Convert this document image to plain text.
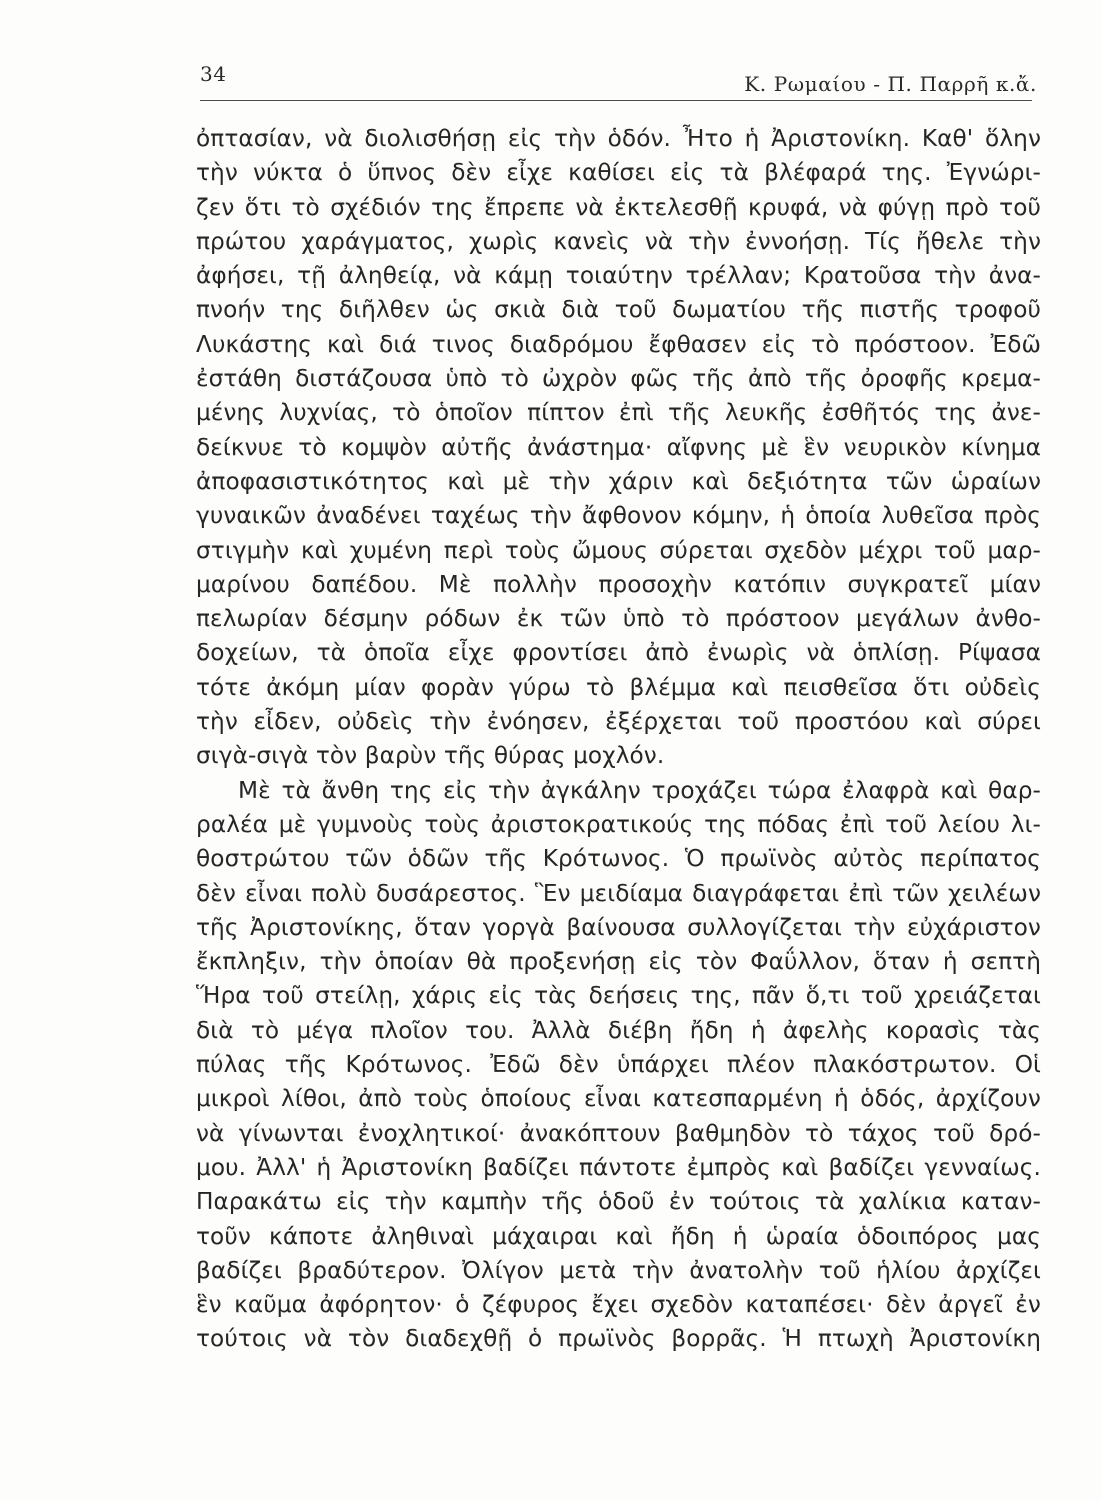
34	Κ. Ρωμαίου - Π. Παρρῆ κ.ἄ.
ὀπτασίαν, νὰ διολισθήσῃ εἰς τὴν ὁδόν. Ἦτο ἡ Ἀριστονίκη. Καθ' ὅλην
τὴν νύκτα ὁ ὕπνος δὲν εἶχε καθίσει εἰς τὰ βλέφαρά της. Ἐγνώρι-
ζεν ὅτι τὸ σχέδιόν της ἔπρεπε νὰ ἐκτελεσθῇ κρυφά, νὰ φύγῃ πρὸ τοῦ
πρώτου χαράγματος, χωρὶς κανεὶς νὰ τὴν ἐννοήσῃ. Τίς ἤθελε τὴν
ἀφήσει, τῇ ἀληθείᾳ, νὰ κάμῃ τοιαύτην τρέλλαν; Κρατοῦσα τὴν ἀνα-
πνοήν της διῆλθεν ὡς σκιὰ διὰ τοῦ δωματίου τῆς πιστῆς τροφοῦ
Λυκάστης καὶ διά τινος διαδρόμου ἔφθασεν εἰς τὸ πρόστοον. Ἐδῶ
ἐστάθη διστάζουσα ὑπὸ τὸ ὠχρὸν φῶς τῆς ἀπὸ τῆς ὀροφῆς κρεμα-
μένης λυχνίας, τὸ ὁποῖον πίπτον ἐπὶ τῆς λευκῆς ἐσθῆτός της ἀνε-
δείκνυε τὸ κομψὸν αὐτῆς ἀνάστημα· αἴφνης μὲ ἓν νευρικὸν κίνημα
ἀποφασιστικότητος καὶ μὲ τὴν χάριν καὶ δεξιότητα τῶν ὡραίων
γυναικῶν ἀναδένει ταχέως τὴν ἄφθονον κόμην, ἡ ὁποία λυθεῖσα πρὸς
στιγμὴν καὶ χυμένη περὶ τοὺς ὤμους σύρεται σχεδὸν μέχρι τοῦ μαρ-
μαρίνου δαπέδου. Μὲ πολλὴν προσοχὴν κατόπιν συγκρατεῖ μίαν
πελωρίαν δέσμην ρόδων ἐκ τῶν ὑπὸ τὸ πρόστοον μεγάλων ἀνθο-
δοχείων, τὰ ὁποῖα εἶχε φροντίσει ἀπὸ ἐνωρὶς νὰ ὁπλίσῃ. Ρίψασα
τότε ἀκόμη μίαν φορὰν γύρω τὸ βλέμμα καὶ πεισθεῖσα ὅτι οὐδεὶς
τὴν εἶδεν, οὐδεὶς τὴν ἐνόησεν, ἐξέρχεται τοῦ προστόου καὶ σύρει
σιγὰ-σιγὰ τὸν βαρὺν τῆς θύρας μοχλόν.
Μὲ τὰ ἄνθη της εἰς τὴν ἀγκάλην τροχάζει τώρα ἐλαφρὰ καὶ θαρ-
ραλέα μὲ γυμνοὺς τοὺς ἀριστοκρατικούς της πόδας ἐπὶ τοῦ λείου λι-
θοστρώτου τῶν ὁδῶν τῆς Κρότωνος. Ὁ πρωϊνὸς αὐτὸς περίπατος
δὲν εἶναι πολὺ δυσάρεστος. Ἓν μειδίαμα διαγράφεται ἐπὶ τῶν χειλέων
τῆς Ἀριστονίκης, ὅταν γοργὰ βαίνουσα συλλογίζεται τὴν εὐχάριστον
ἔκπληξιν, τὴν ὁποίαν θὰ προξενήσῃ εἰς τὸν Φαΰλλον, ὅταν ἡ σεπτὴ
Ἥρα τοῦ στείλῃ, χάρις εἰς τὰς δεήσεις της, πᾶν ὅ,τι τοῦ χρειάζεται
διὰ τὸ μέγα πλοῖον του. Ἀλλὰ διέβη ἤδη ἡ ἀφελὴς κορασὶς τὰς
πύλας τῆς Κρότωνος. Ἐδῶ δὲν ὑπάρχει πλέον πλακόστρωτον. Οἱ
μικροὶ λίθοι, ἀπὸ τοὺς ὁποίους εἶναι κατεσπαρμένη ἡ ὁδός, ἀρχίζουν
νὰ γίνωνται ἐνοχλητικοί· ἀνακόπτουν βαθμηδὸν τὸ τάχος τοῦ δρό-
μου. Ἀλλ' ἡ Ἀριστονίκη βαδίζει πάντοτε ἐμπρὸς καὶ βαδίζει γενναίως.
Παρακάτω εἰς τὴν καμπὴν τῆς ὁδοῦ ἐν τούτοις τὰ χαλίκια καταν-
τοῦν κάποτε ἀληθιναὶ μάχαιραι καὶ ἤδη ἡ ὡραία ὁδοιπόρος μας
βαδίζει βραδύτερον. Ὀλίγον μετὰ τὴν ἀνατολὴν τοῦ ἡλίου ἀρχίζει
ἓν καῦμα ἀφόρητον· ὁ ζέφυρος ἔχει σχεδὸν καταπέσει· δὲν ἀργεῖ ἐν
τούτοις νὰ τὸν διαδεχθῇ ὁ πρωϊνὸς βορρᾶς. Ἡ πτωχὴ Ἀριστονίκη
